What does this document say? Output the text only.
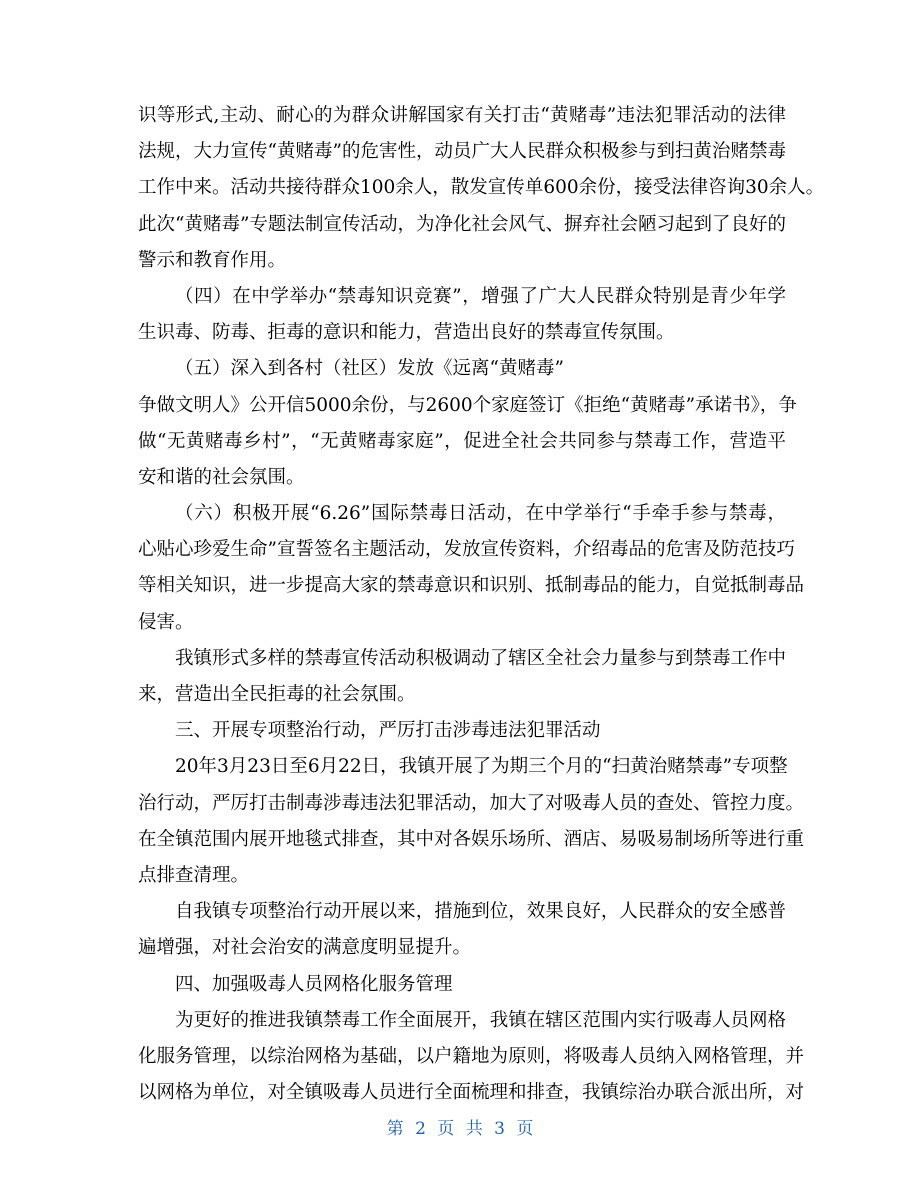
识等形式,主动、耐心的为群众讲解国家有关打击“黄赌毒”违法犯罪活动的法律
法规，大力宣传“黄赌毒”的危害性，动员广大人民群众积极参与到扫黄治赌禁毒
工作中来。活动共接待群众100余人，散发宣传单600余份，接受法律咨询30余人。
此次“黄赌毒”专题法制宣传活动，为净化社会风气、摒弃社会陋习起到了良好的
警示和教育作用。
（四）在中学举办“禁毒知识竞赛”，增强了广大人民群众特别是青少年学
生识毒、防毒、拒毒的意识和能力，营造出良好的禁毒宣传氛围。
（五）深入到各村（社区）发放《远离“黄赌毒”
争做文明人》公开信5000余份，与2600个家庭签订《拒绝“黄赌毒”承诺书》，争
做“无黄赌毒乡村”，“无黄赌毒家庭”，促进全社会共同参与禁毒工作，营造平
安和谐的社会氛围。
（六）积极开展“6.26”国际禁毒日活动，在中学举行“手牵手参与禁毒，
心贴心珍爱生命”宣誓签名主题活动，发放宣传资料，介绍毒品的危害及防范技巧
等相关知识，进一步提高大家的禁毒意识和识别、抵制毒品的能力，自觉抵制毒品
侵害。
我镇形式多样的禁毒宣传活动积极调动了辖区全社会力量参与到禁毒工作中
来，营造出全民拒毒的社会氛围。
三、开展专项整治行动，严厉打击涉毒违法犯罪活动
20年3月23日至6月22日，我镇开展了为期三个月的“扫黄治赌禁毒”专项整
治行动，严厉打击制毒涉毒违法犯罪活动，加大了对吸毒人员的查处、管控力度。
在全镇范围内展开地毯式排查，其中对各娱乐场所、酒店、易吸易制场所等进行重
点排查清理。
自我镇专项整治行动开展以来，措施到位，效果良好，人民群众的安全感普
遍增强，对社会治安的满意度明显提升。
四、加强吸毒人员网格化服务管理
为更好的推进我镇禁毒工作全面展开，我镇在辖区范围内实行吸毒人员网格
化服务管理，以综治网格为基础，以户籍地为原则，将吸毒人员纳入网格管理，并
以网格为单位，对全镇吸毒人员进行全面梳理和排查，我镇综治办联合派出所，对
第 2 页 共 3 页
